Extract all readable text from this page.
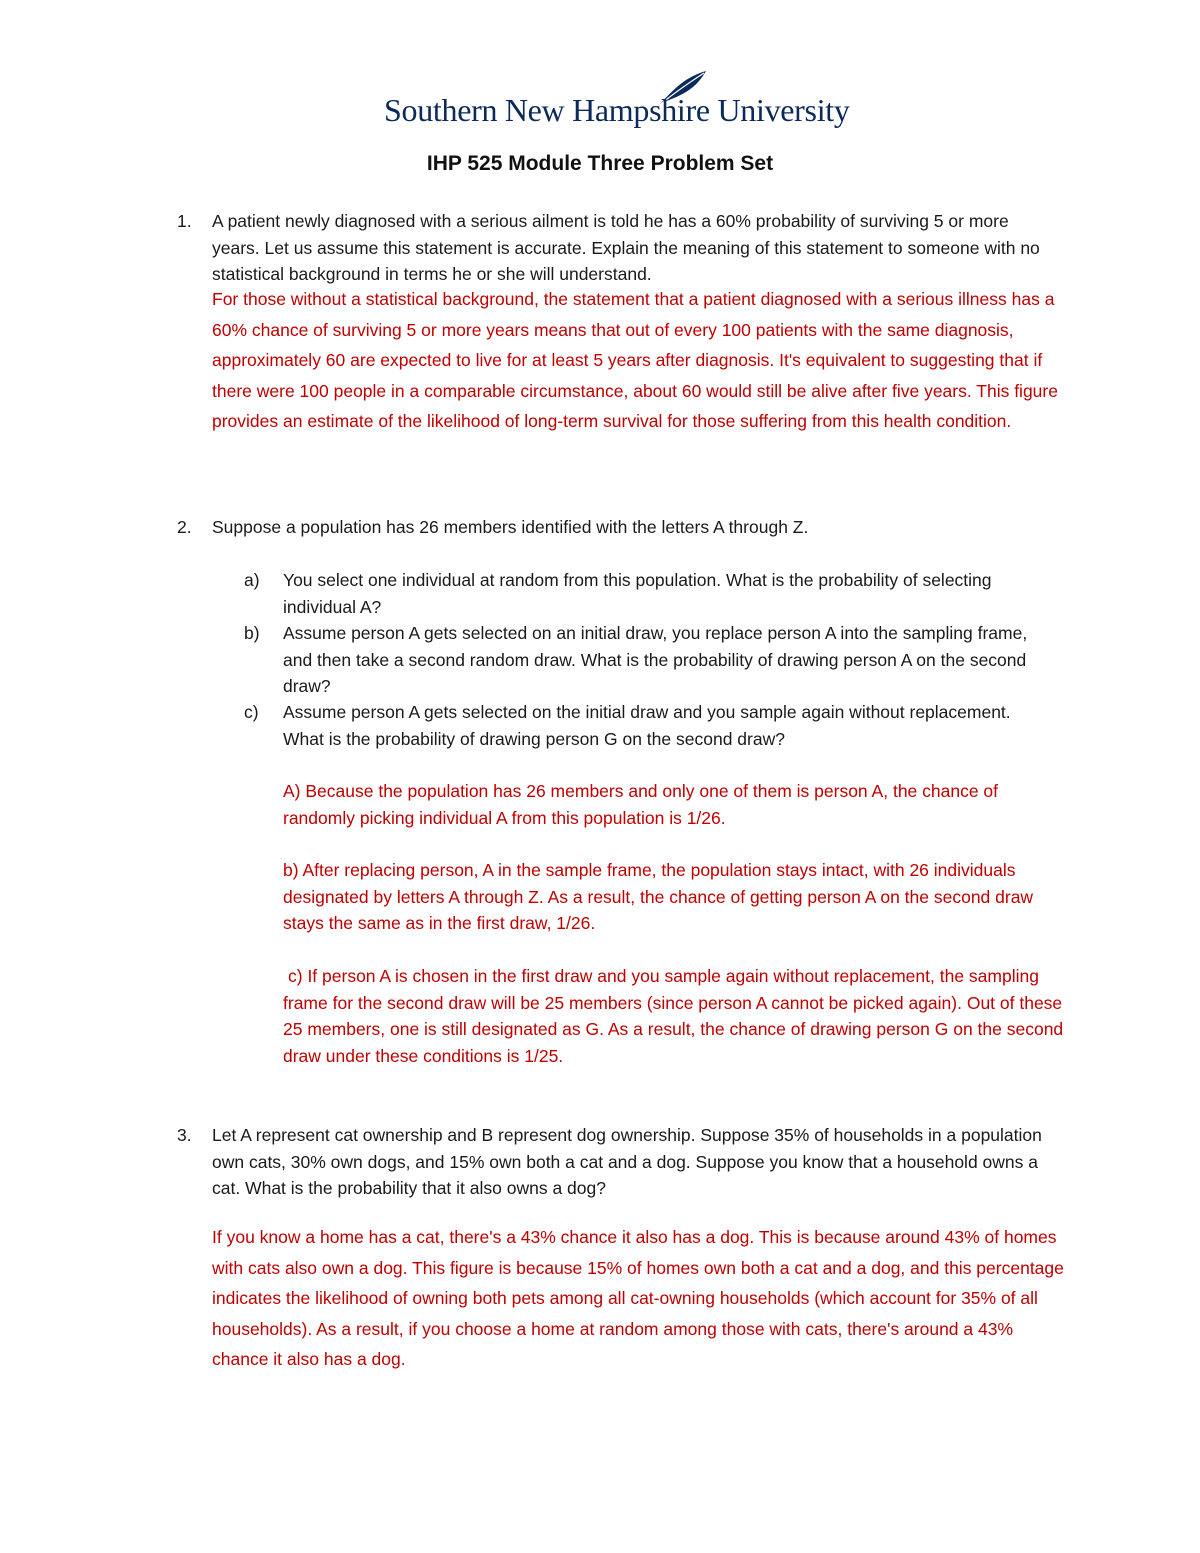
Southern New Hampshire University
IHP 525 Module Three Problem Set
1. A patient newly diagnosed with a serious ailment is told he has a 60% probability of surviving 5 or more years. Let us assume this statement is accurate. Explain the meaning of this statement to someone with no statistical background in terms he or she will understand.
For those without a statistical background, the statement that a patient diagnosed with a serious illness has a 60% chance of surviving 5 or more years means that out of every 100 patients with the same diagnosis, approximately 60 are expected to live for at least 5 years after diagnosis. It's equivalent to suggesting that if there were 100 people in a comparable circumstance, about 60 would still be alive after five years. This figure provides an estimate of the likelihood of long-term survival for those suffering from this health condition.
2. Suppose a population has 26 members identified with the letters A through Z.
a) You select one individual at random from this population. What is the probability of selecting individual A?
b) Assume person A gets selected on an initial draw, you replace person A into the sampling frame, and then take a second random draw. What is the probability of drawing person A on the second draw?
c) Assume person A gets selected on the initial draw and you sample again without replacement. What is the probability of drawing person G on the second draw?
A) Because the population has 26 members and only one of them is person A, the chance of randomly picking individual A from this population is 1/26.
b) After replacing person, A in the sample frame, the population stays intact, with 26 individuals designated by letters A through Z. As a result, the chance of getting person A on the second draw stays the same as in the first draw, 1/26.
c) If person A is chosen in the first draw and you sample again without replacement, the sampling frame for the second draw will be 25 members (since person A cannot be picked again). Out of these 25 members, one is still designated as G. As a result, the chance of drawing person G on the second draw under these conditions is 1/25.
3. Let A represent cat ownership and B represent dog ownership. Suppose 35% of households in a population own cats, 30% own dogs, and 15% own both a cat and a dog. Suppose you know that a household owns a cat. What is the probability that it also owns a dog?
If you know a home has a cat, there's a 43% chance it also has a dog. This is because around 43% of homes with cats also own a dog. This figure is because 15% of homes own both a cat and a dog, and this percentage indicates the likelihood of owning both pets among all cat-owning households (which account for 35% of all households). As a result, if you choose a home at random among those with cats, there's around a 43% chance it also has a dog.
